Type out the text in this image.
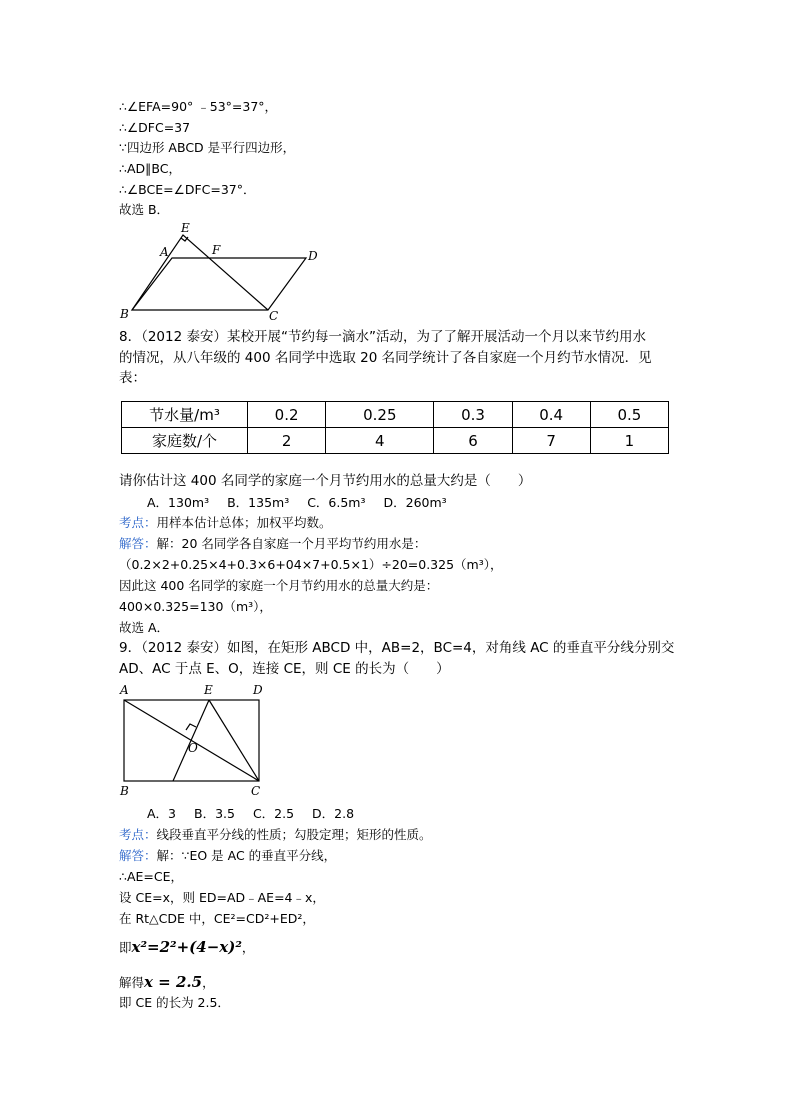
∴∠EFA=90° ﹣53°=37°，
∴∠DFC=37
∵四边形 ABCD 是平行四边形，
∴AD∥BC，
∴∠BCE=∠DFC=37°．
故选 B．
E
A	F	D
B	C
8．（2012 泰安）某校开展“节约每一滴水”活动，为了了解开展活动一个月以来节约用水
的情况，从八年级的 400 名同学中选取 20 名同学统计了各自家庭一个月约节水情况．见
表：
节水量/m³	0.2	0.25	0.3	0.4	0.5
家庭数/个	2	4	6	7	1
请你估计这 400 名同学的家庭一个月节约用水的总量大约是（　　）
A．130m³ B．135m³ C．6.5m³ D．260m³
考点：用样本估计总体；加权平均数。
解答：解：20 名同学各自家庭一个月平均节约用水是：
（0.2×2+0.25×4+0.3×6+04×7+0.5×1）÷20=0.325（m³），
因此这 400 名同学的家庭一个月节约用水的总量大约是：
400×0.325=130（m³），
故选 A．
9．（2012 泰安）如图，在矩形 ABCD 中，AB=2，BC=4，对角线 AC 的垂直平分线分别交
AD、AC 于点 E、O，连接 CE，则 CE 的长为（　　）
A	E	D
O
B	C
A．3 B．3.5 C．2.5 D．2.8
考点：线段垂直平分线的性质；勾股定理；矩形的性质。
解答：解：∵EO 是 AC 的垂直平分线，
∴AE=CE，
设 CE=x，则 ED=AD﹣AE=4﹣x，
在 Rt△CDE 中，CE²=CD²+ED²，
即x²=2²+(4−x)²，
解得x = 2.5，
即 CE 的长为 2.5．
